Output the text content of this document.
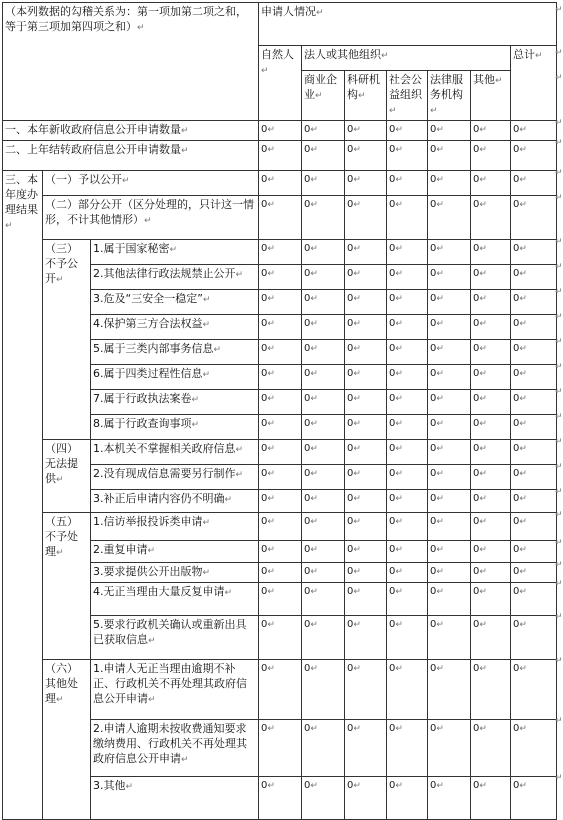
（本列数据的勾稽关系为：第一项加第二项之和，等于第三项加第四项之和）↵			申请人情况↵						
			自然人↵	法人或其他组织↵					总计↵
				商业企业↵	科研机构↵	社会公益组织↵	法律服务机构↵	其他↵	
一、本年新收政府信息公开申请数量↵			0↵	0↵	0↵	0↵	0↵	0↵	0↵
二、上年结转政府信息公开申请数量↵			0↵	0↵	0↵	0↵	0↵	0↵	0↵
三、本年度办理结果↵	（一）予以公开↵		0↵	0↵	0↵	0↵	0↵	0↵	0↵
	（二）部分公开（区分处理的，只计这一情形，不计其他情形）↵		0↵	0↵	0↵	0↵	0↵	0↵	0↵
	（三）不予公开↵	1.属于国家秘密↵	0↵	0↵	0↵	0↵	0↵	0↵	0↵
		2.其他法律行政法规禁止公开↵	0↵	0↵	0↵	0↵	0↵	0↵	0↵
		3.危及“三安全一稳定”↵	0↵	0↵	0↵	0↵	0↵	0↵	0↵
		4.保护第三方合法权益↵	0↵	0↵	0↵	0↵	0↵	0↵	0↵
		5.属于三类内部事务信息↵	0↵	0↵	0↵	0↵	0↵	0↵	0↵
		6.属于四类过程性信息↵	0↵	0↵	0↵	0↵	0↵	0↵	0↵
		7.属于行政执法案卷↵	0↵	0↵	0↵	0↵	0↵	0↵	0↵
		8.属于行政查询事项↵	0↵	0↵	0↵	0↵	0↵	0↵	0↵
	（四）无法提供↵	1.本机关不掌握相关政府信息↵	0↵	0↵	0↵	0↵	0↵	0↵	0↵
		2.没有现成信息需要另行制作↵	0↵	0↵	0↵	0↵	0↵	0↵	0↵
		3.补正后申请内容仍不明确↵	0↵	0↵	0↵	0↵	0↵	0↵	0↵
	（五）不予处理↵	1.信访举报投诉类申请↵	0↵	0↵	0↵	0↵	0↵	0↵	0↵
		2.重复申请↵	0↵	0↵	0↵	0↵	0↵	0↵	0↵
		3.要求提供公开出版物↵	0↵	0↵	0↵	0↵	0↵	0↵	0↵
		4.无正当理由大量反复申请↵	0↵	0↵	0↵	0↵	0↵	0↵	0↵
		5.要求行政机关确认或重新出具已获取信息↵	0↵	0↵	0↵	0↵	0↵	0↵	0↵
	（六）其他处理↵	1.申请人无正当理由逾期不补正、行政机关不再处理其政府信息公开申请↵	0↵	0↵	0↵	0↵	0↵	0↵	0↵
		2.申请人逾期未按收费通知要求缴纳费用、行政机关不再处理其政府信息公开申请↵	0↵	0↵	0↵	0↵	0↵	0↵	0↵
		3.其他↵	0↵	0↵	0↵	0↵	0↵	0↵	0↵
↵
↵
↵
↵
↵
↵
↵
↵
↵
↵
↵
↵
↵
↵
↵
↵
↵
↵
↵
↵
↵
↵
↵
↵
↵
↵
